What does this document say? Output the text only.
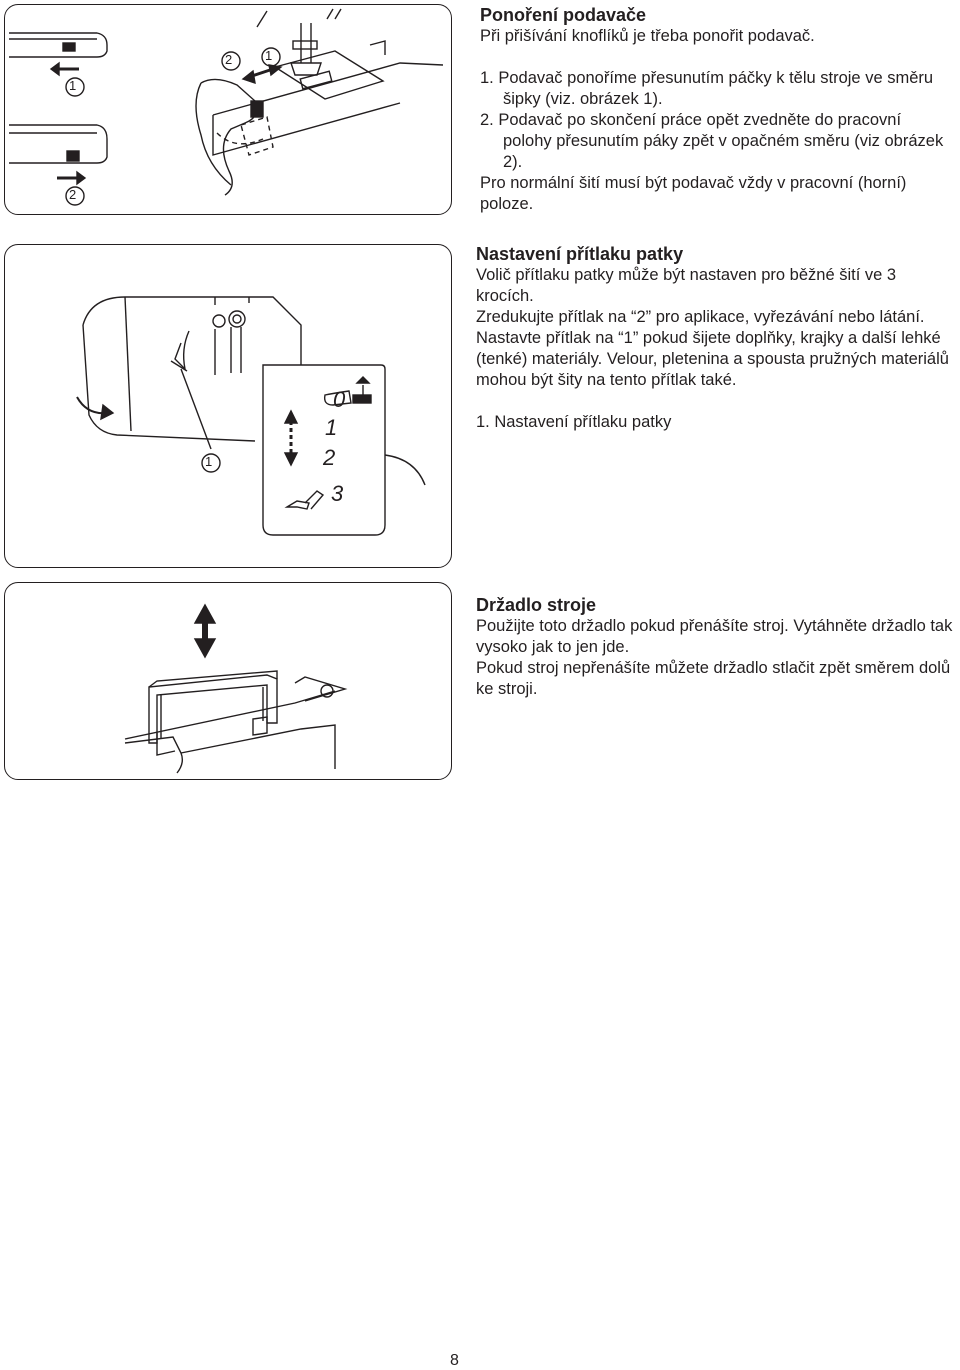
1
2
2	1
Ponoření podavače
Při přišívání knoflíků je třeba ponořit podavač.
1. Podavač ponoříme přesunutím páčky k tělu stroje ve směru šipky (viz. obrázek 1).
2. Podavač po skončení práce opět zvedněte do pracovní polohy přesunutím páky zpět v opačném směru (viz obrázek 2).
Pro normální šití musí být podavač vždy v pracovní (horní) poloze.
0
1
2
3
1
Nastavení přítlaku patky
Volič přítlaku patky může být nastaven pro běžné šití ve 3 krocích.
Zredukujte přítlak na “2” pro aplikace, vyřezávání nebo látání.
Nastavte přítlak na “1” pokud šijete doplňky, krajky a další lehké (tenké) materiály. Velour, pletenina a spousta pružných materiálů mohou být šity na tento přítlak také.
1. Nastavení přítlaku patky
Držadlo stroje
Použijte toto držadlo pokud přenášíte stroj. Vytáhněte držadlo tak vysoko jak to jen jde.
Pokud stroj nepřenášíte můžete držadlo stlačit zpět směrem dolů ke stroji.
8
